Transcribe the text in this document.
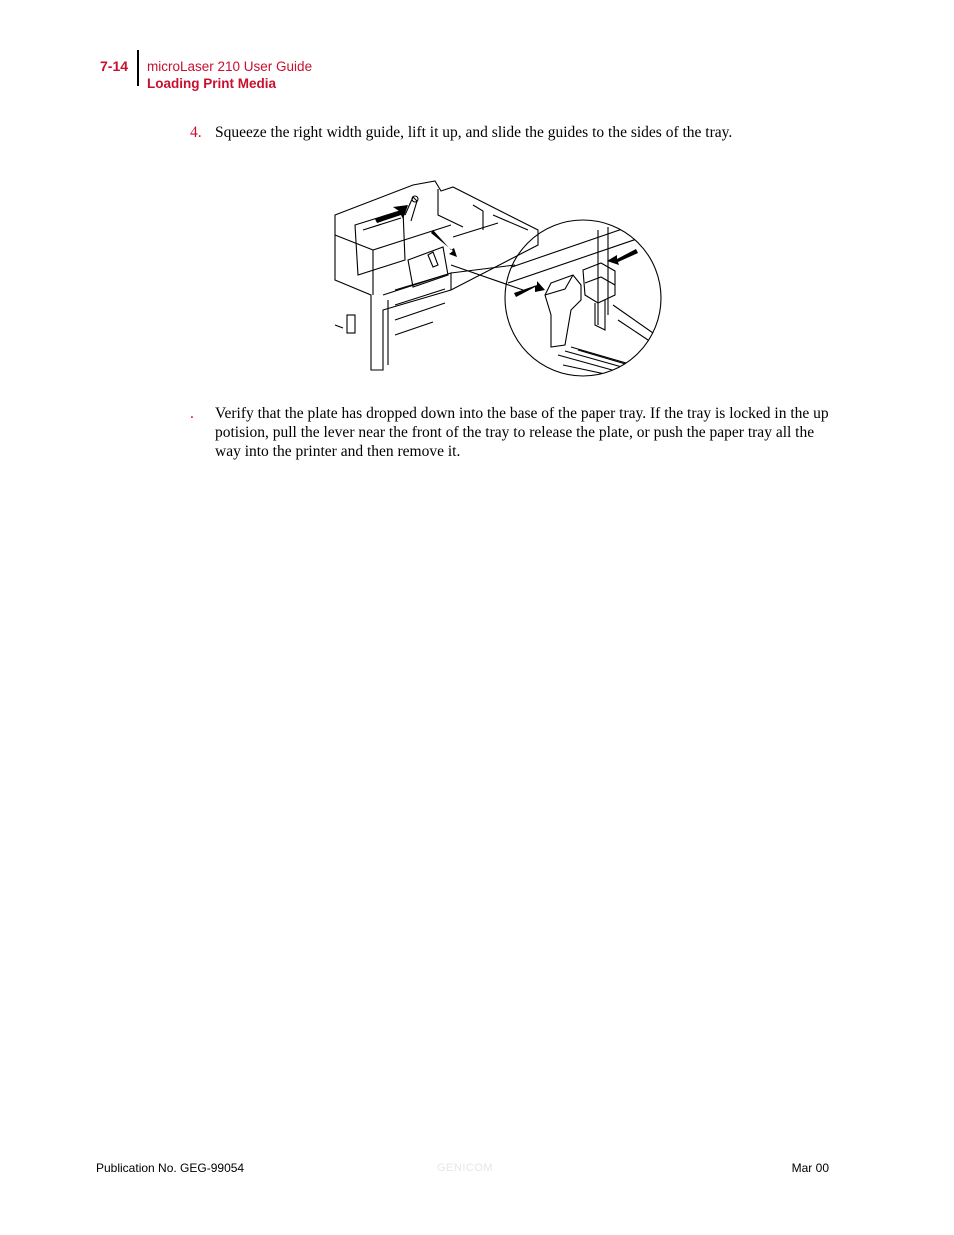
7-14 microLaser 210 User Guide
Loading Print Media
4. Squeeze the right width guide, lift it up, and slide the guides to the sides of the tray.
. Verify that the plate has dropped down into the base of the paper tray. If the tray is locked in the up potision, pull the lever near the front of the tray to release the plate, or push the paper tray all the way into the printer and then remove it.
Publication No. GEG-99054	GENICOM	Mar 00
